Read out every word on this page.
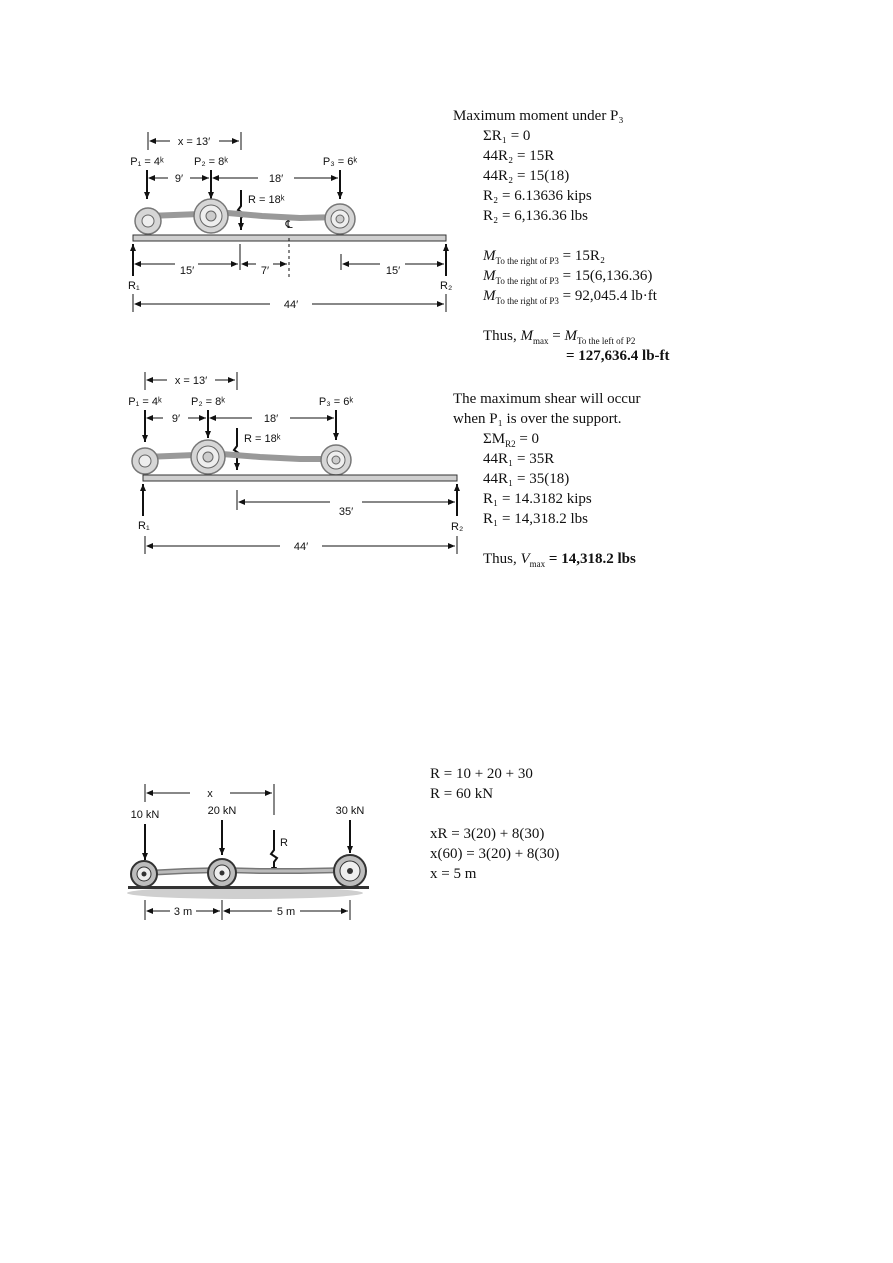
x = 13′
P₁ = 4ᵏ	P₂ = 8ᵏ	P₃ = 6ᵏ
9′	18′
R = 18ᵏ
℄
R₁	R₂
15′	7′	15′
44′
Maximum moment under P₃
ΣR₁ = 0
44R₂ = 15R
44R₂ = 15(18)
R₂ = 6.13636 kips
R₂ = 6,136.36 lbs
$M_{To the right of P3} = 15R_2$
$M_{To the right of P3} = 15(6,136.36)$
$M_{To the right of P3} = 92,045.4$ lb·ft
Thus, $M_{max} = M_{To the left of P2}$
= 127,636.4 lb-ft
x = 13′
P₁ = 4ᵏ	P₂ = 8ᵏ	P₃ = 6ᵏ
9′	18′
R = 18ᵏ
R₁	R₂
35′
44′
The maximum shear will occur
when P₁ is over the support.
$\Sigma M_{R2} = 0$
44R₁ = 35R
44R₁ = 35(18)
R₁ = 14.3182 kips
R₁ = 14,318.2 lbs
Thus, $V_{max} = 14,318.2$ lbs
x
10 kN	20 kN	30 kN
R
3 m	5 m
R = 10 + 20 + 30
R = 60 kN
xR = 3(20) + 8(30)
x(60) = 3(20) + 8(30)
x = 5 m
